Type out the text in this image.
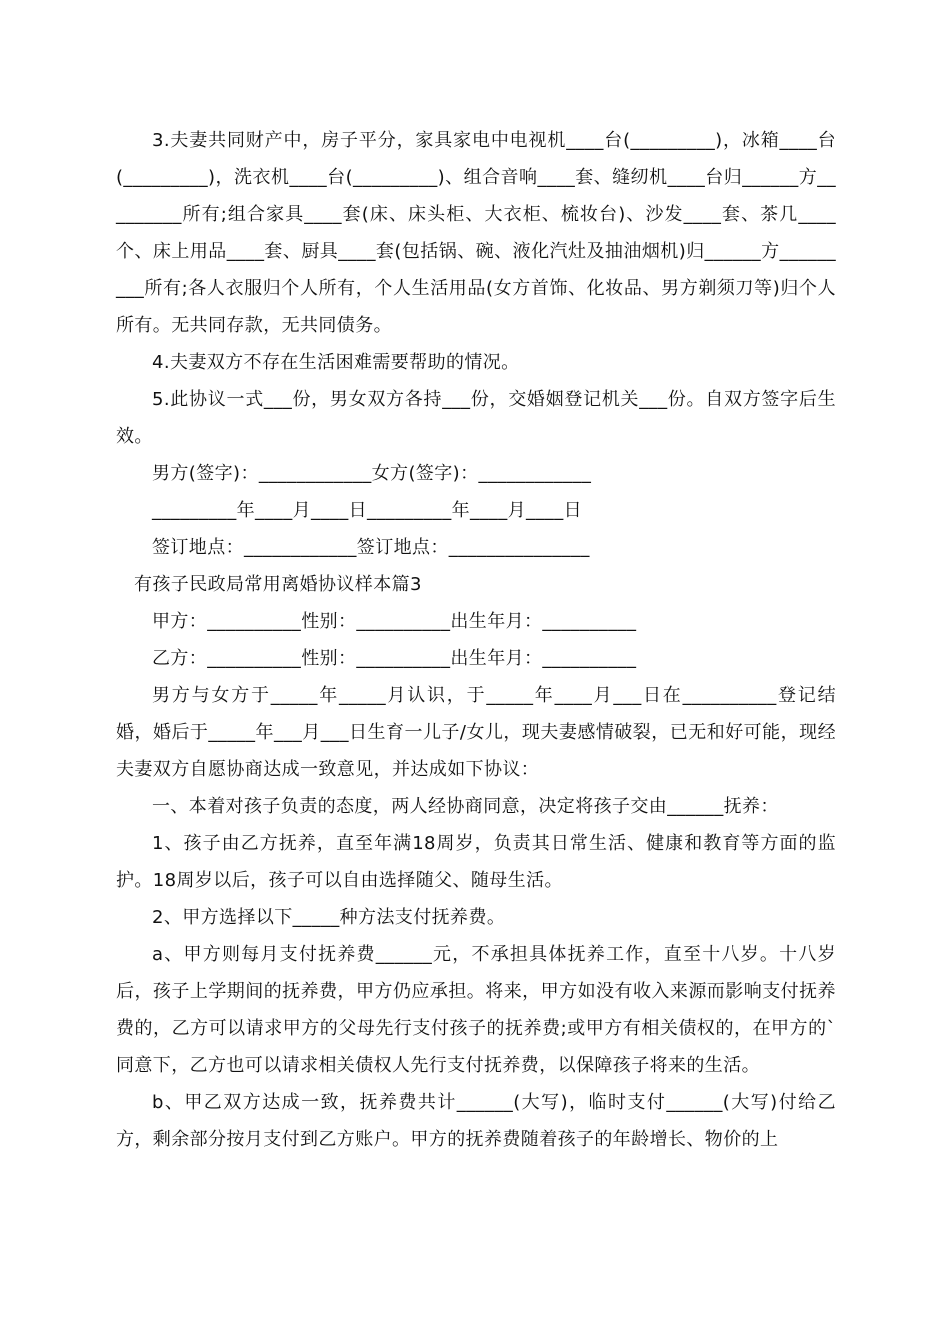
3.夫妻共同财产中，房子平分，家具家电中电视机____台(_________)，冰箱____台(_________)，洗衣机____台(_________)、组合音响____套、缝纫机____台归______方_________所有;组合家具____套(床、床头柜、大衣柜、梳妆台)、沙发____套、茶几____个、床上用品____套、厨具____套(包括锅、碗、液化汽灶及抽油烟机)归______方_________所有;各人衣服归个人所有，个人生活用品(女方首饰、化妆品、男方剃须刀等)归个人所有。无共同存款，无共同债务。

4.夫妻双方不存在生活困难需要帮助的情况。

5.此协议一式___份，男女双方各持___份，交婚姻登记机关___份。自双方签字后生效。

男方(签字)：____________女方(签字)：____________

_________年____月____日_________年____月____日

签订地点：____________签订地点：_______________

有孩子民政局常用离婚协议样本篇3

甲方：__________性别：__________出生年月：__________

乙方：__________性别：__________出生年月：__________

男方与女方于_____年_____月认识，于_____年____月___日在__________登记结婚，婚后于_____年___月___日生育一儿子/女儿，现夫妻感情破裂，已无和好可能，现经夫妻双方自愿协商达成一致意见，并达成如下协议：

一、本着对孩子负责的态度，两人经协商同意，决定将孩子交由______抚养：

1、孩子由乙方抚养，直至年满18周岁，负责其日常生活、健康和教育等方面的监护。18周岁以后，孩子可以自由选择随父、随母生活。

2、甲方选择以下_____种方法支付抚养费。

a、甲方则每月支付抚养费______元，不承担具体抚养工作，直至十八岁。十八岁后，孩子上学期间的抚养费，甲方仍应承担。将来，甲方如没有收入来源而影响支付抚养费的，乙方可以请求甲方的父母先行支付孩子的抚养费;或甲方有相关债权的，在甲方的`同意下，乙方也可以请求相关债权人先行支付抚养费，以保障孩子将来的生活。

b、甲乙双方达成一致，抚养费共计______(大写)，临时支付______(大写)付给乙方，剩余部分按月支付到乙方账户。甲方的抚养费随着孩子的年龄增长、物价的上
